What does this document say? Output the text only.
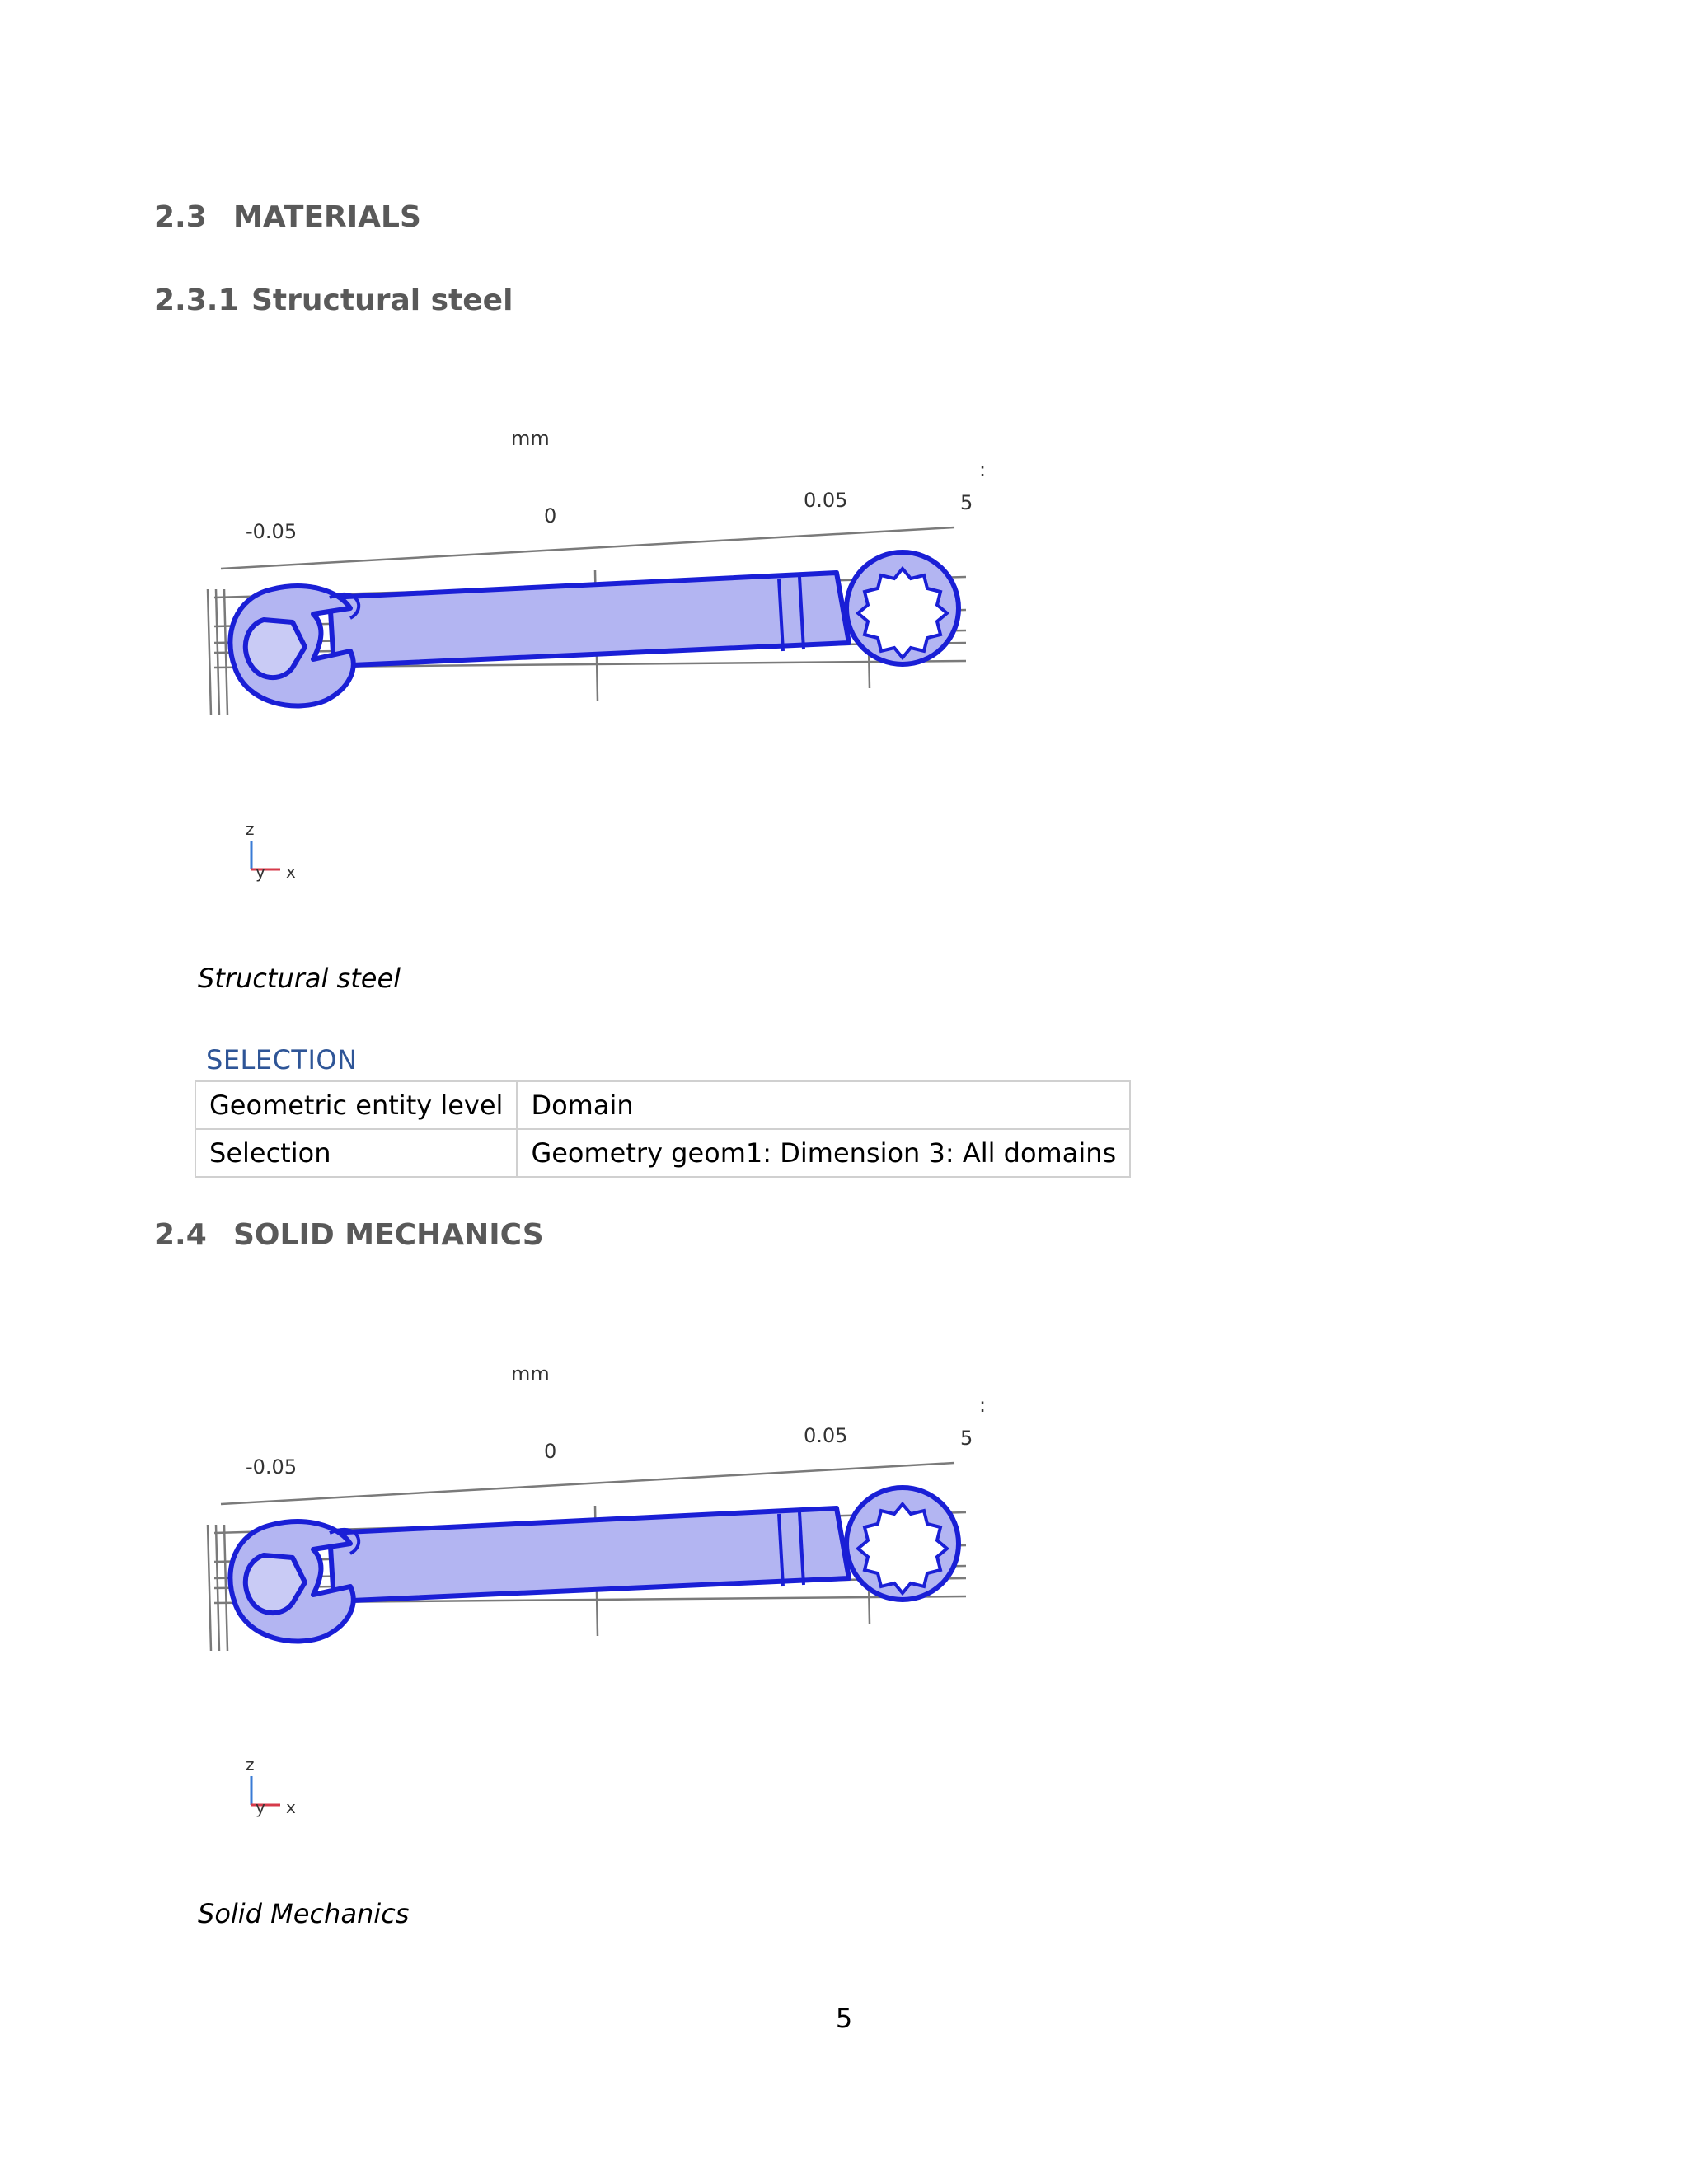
2.3 MATERIALS
2.3.1 Structural steel
mm
-0.05
0
0.05	5
:
z
y x

Structural steel

SELECTION

Geometric entity level	Domain
Selection	Geometry geom1: Dimension 3: All domains
2.4 SOLID MECHANICS
mm
-0.05
0
0.05	5
:
z
y x

Solid Mechanics

5
